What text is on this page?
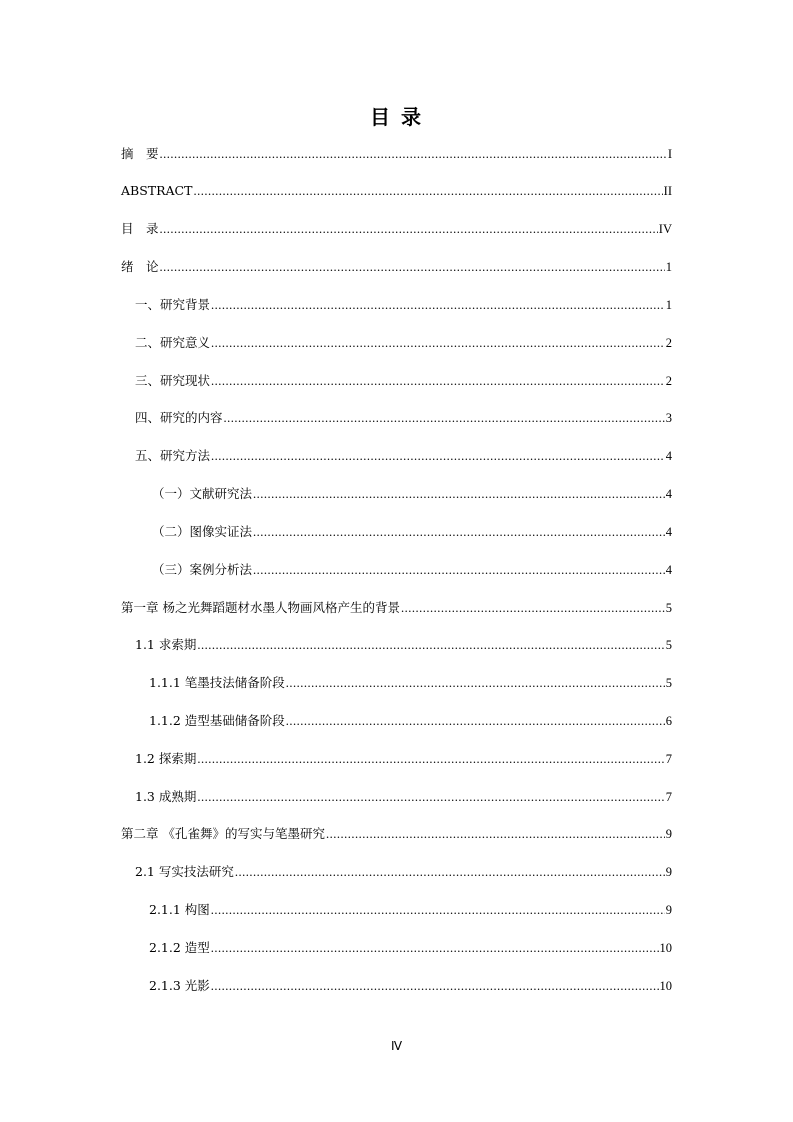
目 录
摘　要 .....	I
ABSTRACT .....	II
目　录 .....	IV
绪　论 .....	1
一、研究背景 .....	1
二、研究意义 .....	2
三、研究现状 .....	2
四、研究的内容 .....	3
五、研究方法 .....	4
（一）文献研究法 .....	4
（二）图像实证法 .....	4
（三）案例分析法 .....	4
第一章 杨之光舞蹈题材水墨人物画风格产生的背景 .....	5
1.1 求索期 .....	5
1.1.1 笔墨技法储备阶段 .....	5
1.1.2 造型基础储备阶段 .....	6
1.2 探索期 .....	7
1.3 成熟期 .....	7
第二章 《孔雀舞》的写实与笔墨研究 .....	9
2.1 写实技法研究 .....	9
2.1.1 构图 .....	9
2.1.2 造型 .....	10
2.1.3 光影 .....	10
Ⅳ
